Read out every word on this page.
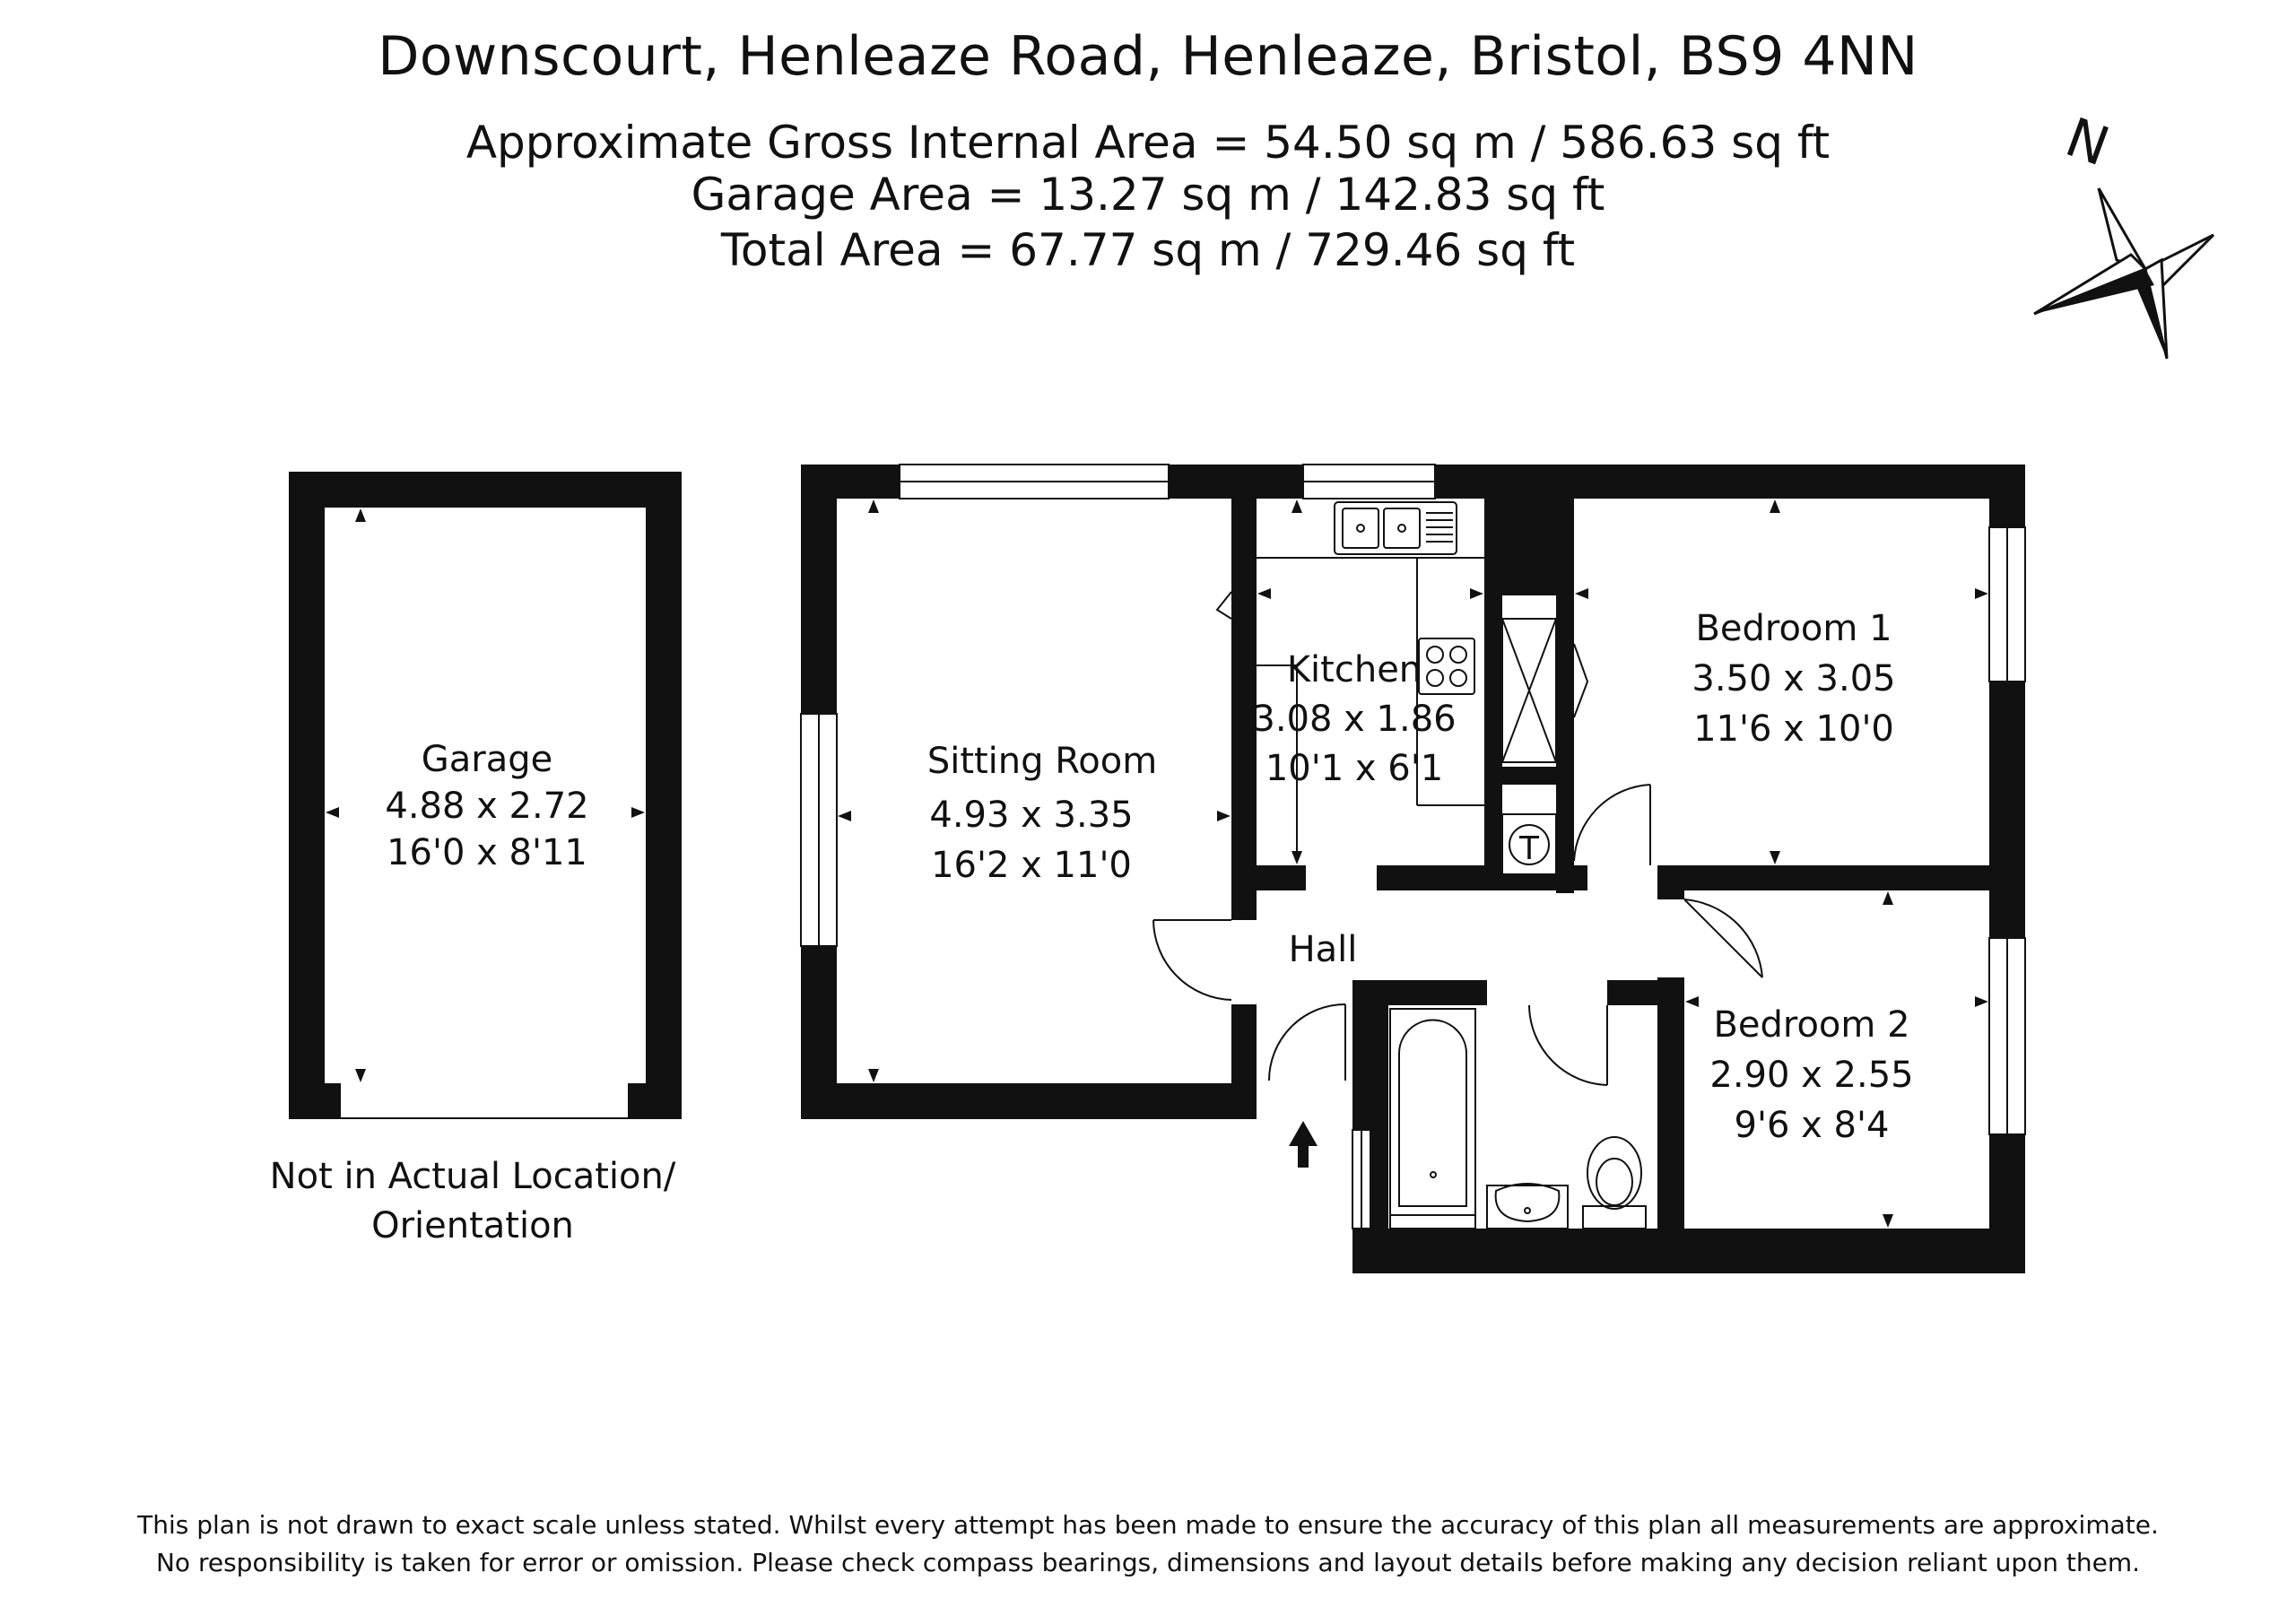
Downscourt, Henleaze Road, Henleaze, Bristol, BS9 4NN
Approximate Gross Internal Area = 54.50 sq m / 586.63 sq ft
Garage Area = 13.27 sq m / 142.83 sq ft
Total Area = 67.77 sq m / 729.46 sq ft
N
Garage
4.88 x 2.72
16'0 x 8'11
Not in Actual Location/
Orientation
T
Sitting Room
4.93 x 3.35
16'2 x 11'0
Kitchen
3.08 x 1.86
10'1 x 6'1
Bedroom 1
3.50 x 3.05
11'6 x 10'0
Bedroom 2
2.90 x 2.55
9'6 x 8'4
Hall
This plan is not drawn to exact scale unless stated. Whilst every attempt has been made to ensure the accuracy of this plan all measurements are approximate.
No responsibility is taken for error or omission. Please check compass bearings, dimensions and layout details before making any decision reliant upon them.
